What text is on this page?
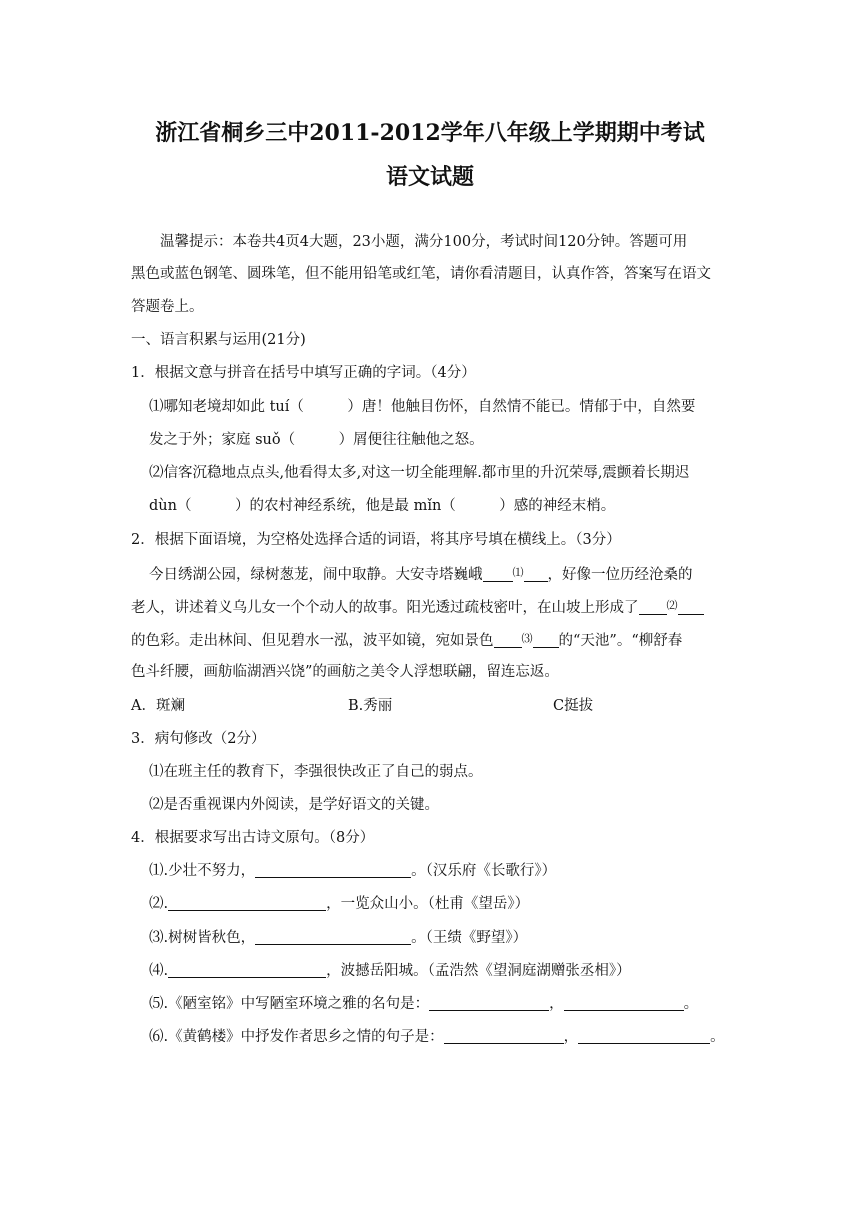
浙江省桐乡三中2011-2012学年八年级上学期期中考试
语文试题
温馨提示：本卷共4页4大题，23小题，满分100分，考试时间120分钟。答题可用
黑色或蓝色钢笔、圆珠笔，但不能用铅笔或红笔，请你看清题目，认真作答，答案写在语文
答题卷上。
一、语言积累与运用(21分)
1．根据文意与拼音在括号中填写正确的字词。（4分）
⑴哪知老境却如此 tuí（　　　）唐！他触目伤怀，自然情不能已。情郁于中，自然要
发之于外；家庭 suǒ（　　　）屑便往往触他之怒。
⑵信客沉稳地点点头,他看得太多,对这一切全能理解.都市里的升沉荣辱,震颤着长期迟
dùn（　　　）的农村神经系统，他是最 mǐn（　　　）感的神经末梢。
2．根据下面语境，为空格处选择合适的词语，将其序号填在横线上。（3分）
今日绣湖公园，绿树葱茏，闹中取静。大安寺塔巍峨	⑴ ，好像一位历经沧桑的
老人，讲述着义乌儿女一个个动人的故事。阳光透过疏枝密叶，在山坡上形成了	⑵
的色彩。走出林间、但见碧水一泓，波平如镜，宛如景色	⑶ 的“天池”。“柳舒春
色斗纤腰，画舫临湖酒兴饶”的画舫之美令人浮想联翩，留连忘返。
A．斑斓	B.秀丽	C挺拔
3．病句修改（2分）
⑴在班主任的教育下，李强很快改正了自己的弱点。
⑵是否重视课内外阅读，是学好语文的关键。
4．根据要求写出古诗文原句。（8分）
⑴.少壮不努力，	。（汉乐府《长歌行》）
⑵.	，一览众山小。（杜甫《望岳》）
⑶.树树皆秋色，	。（王绩《野望》）
⑷.	，波撼岳阳城。（孟浩然《望洞庭湖赠张丞相》）
⑸.《陋室铭》中写陋室环境之雅的名句是：	，	。
⑹.《黄鹤楼》中抒发作者思乡之情的句子是：	，	。
